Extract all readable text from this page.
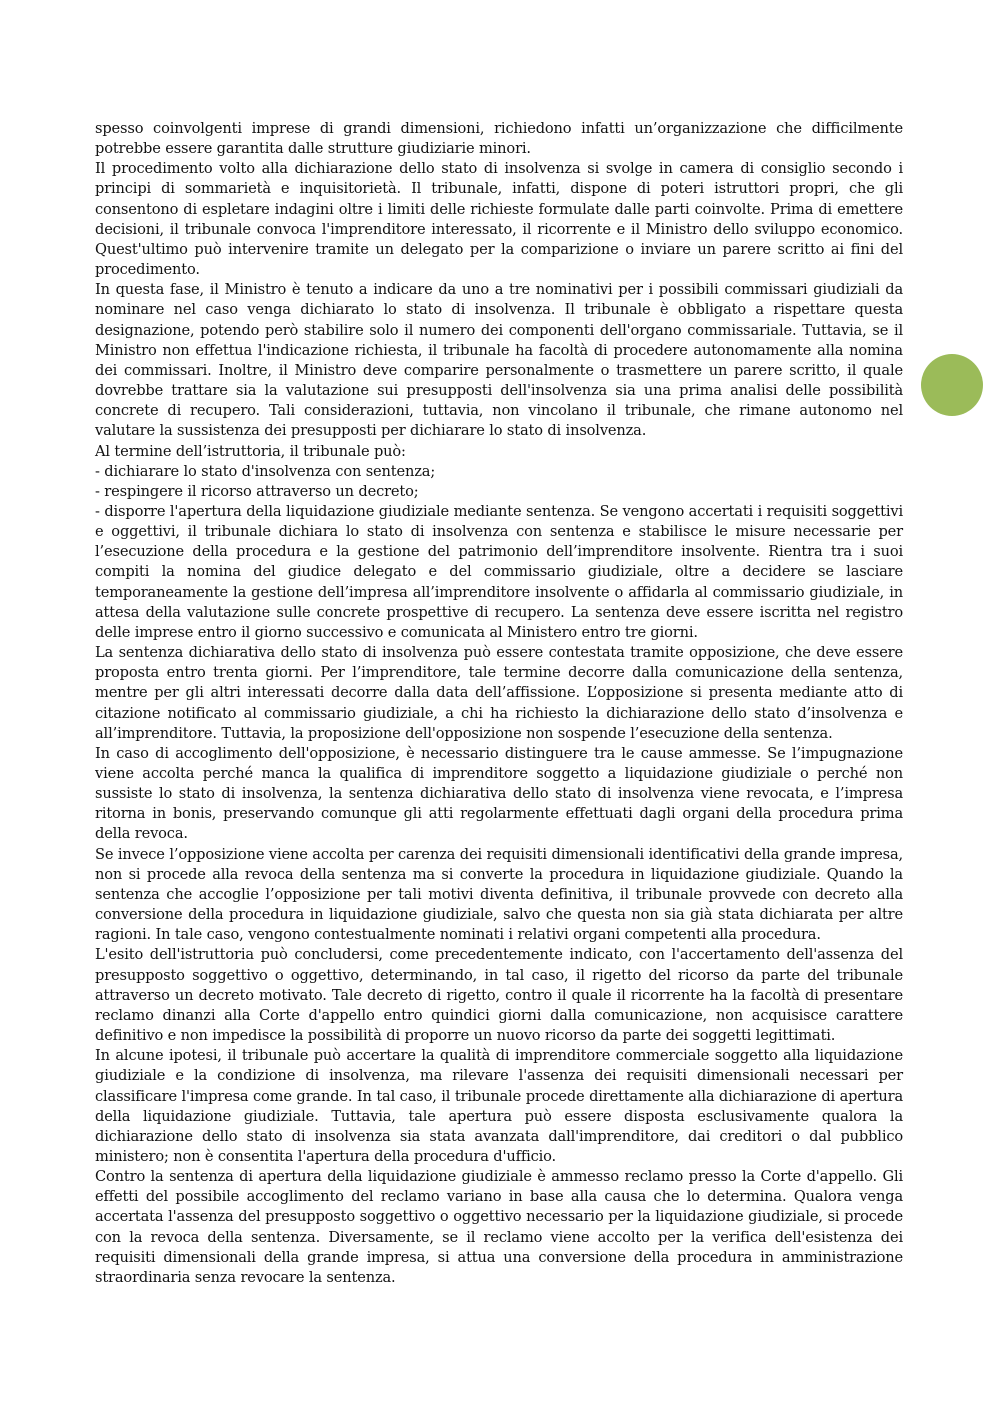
spesso coinvolgenti imprese di grandi dimensioni, richiedono infatti un’organizzazione che difficilmente potrebbe essere garantita dalle strutture giudiziarie minori.

Il procedimento volto alla dichiarazione dello stato di insolvenza si svolge in camera di consiglio secondo i principi di sommarietà e inquisitorietà. Il tribunale, infatti, dispone di poteri istruttori propri, che gli consentono di espletare indagini oltre i limiti delle richieste formulate dalle parti coinvolte. Prima di emettere decisioni, il tribunale convoca l'imprenditore interessato, il ricorrente e il Ministro dello sviluppo economico. Quest'ultimo può intervenire tramite un delegato per la comparizione o inviare un parere scritto ai fini del procedimento.

In questa fase, il Ministro è tenuto a indicare da uno a tre nominativi per i possibili commissari giudiziali da nominare nel caso venga dichiarato lo stato di insolvenza. Il tribunale è obbligato a rispettare questa designazione, potendo però stabilire solo il numero dei componenti dell'organo commissariale. Tuttavia, se il Ministro non effettua l'indicazione richiesta, il tribunale ha facoltà di procedere autonomamente alla nomina dei commissari. Inoltre, il Ministro deve comparire personalmente o trasmettere un parere scritto, il quale dovrebbe trattare sia la valutazione sui presupposti dell'insolvenza sia una prima analisi delle possibilità concrete di recupero. Tali considerazioni, tuttavia, non vincolano il tribunale, che rimane autonomo nel valutare la sussistenza dei presupposti per dichiarare lo stato di insolvenza.

Al termine dell’istruttoria, il tribunale può:

- dichiarare lo stato d'insolvenza con sentenza;

- respingere il ricorso attraverso un decreto;

- disporre l'apertura della liquidazione giudiziale mediante sentenza. Se vengono accertati i requisiti soggettivi e oggettivi, il tribunale dichiara lo stato di insolvenza con sentenza e stabilisce le misure necessarie per l’esecuzione della procedura e la gestione del patrimonio dell’imprenditore insolvente. Rientra tra i suoi compiti la nomina del giudice delegato e del commissario giudiziale, oltre a decidere se lasciare temporaneamente la gestione dell’impresa all’imprenditore insolvente o affidarla al commissario giudiziale, in attesa della valutazione sulle concrete prospettive di recupero. La sentenza deve essere iscritta nel registro delle imprese entro il giorno successivo e comunicata al Ministero entro tre giorni.

La sentenza dichiarativa dello stato di insolvenza può essere contestata tramite opposizione, che deve essere proposta entro trenta giorni. Per l’imprenditore, tale termine decorre dalla comunicazione della sentenza, mentre per gli altri interessati decorre dalla data dell’affissione. L’opposizione si presenta mediante atto di citazione notificato al commissario giudiziale, a chi ha richiesto la dichiarazione dello stato d’insolvenza e all’imprenditore. Tuttavia, la proposizione dell'opposizione non sospende l’esecuzione della sentenza.

In caso di accoglimento dell'opposizione, è necessario distinguere tra le cause ammesse. Se l’impugnazione viene accolta perché manca la qualifica di imprenditore soggetto a liquidazione giudiziale o perché non sussiste lo stato di insolvenza, la sentenza dichiarativa dello stato di insolvenza viene revocata, e l’impresa ritorna in bonis, preservando comunque gli atti regolarmente effettuati dagli organi della procedura prima della revoca.

Se invece l’opposizione viene accolta per carenza dei requisiti dimensionali identificativi della grande impresa, non si procede alla revoca della sentenza ma si converte la procedura in liquidazione giudiziale. Quando la sentenza che accoglie l’opposizione per tali motivi diventa definitiva, il tribunale provvede con decreto alla conversione della procedura in liquidazione giudiziale, salvo che questa non sia già stata dichiarata per altre ragioni. In tale caso, vengono contestualmente nominati i relativi organi competenti alla procedura.

L'esito dell'istruttoria può concludersi, come precedentemente indicato, con l'accertamento dell'assenza del presupposto soggettivo o oggettivo, determinando, in tal caso, il rigetto del ricorso da parte del tribunale attraverso un decreto motivato. Tale decreto di rigetto, contro il quale il ricorrente ha la facoltà di presentare reclamo dinanzi alla Corte d'appello entro quindici giorni dalla comunicazione, non acquisisce carattere definitivo e non impedisce la possibilità di proporre un nuovo ricorso da parte dei soggetti legittimati.

In alcune ipotesi, il tribunale può accertare la qualità di imprenditore commerciale soggetto alla liquidazione giudiziale e la condizione di insolvenza, ma rilevare l'assenza dei requisiti dimensionali necessari per classificare l'impresa come grande. In tal caso, il tribunale procede direttamente alla dichiarazione di apertura della liquidazione giudiziale. Tuttavia, tale apertura può essere disposta esclusivamente qualora la dichiarazione dello stato di insolvenza sia stata avanzata dall'imprenditore, dai creditori o dal pubblico ministero; non è consentita l'apertura della procedura d'ufficio.

Contro la sentenza di apertura della liquidazione giudiziale è ammesso reclamo presso la Corte d'appello. Gli effetti del possibile accoglimento del reclamo variano in base alla causa che lo determina. Qualora venga accertata l'assenza del presupposto soggettivo o oggettivo necessario per la liquidazione giudiziale, si procede con la revoca della sentenza. Diversamente, se il reclamo viene accolto per la verifica dell'esistenza dei requisiti dimensionali della grande impresa, si attua una conversione della procedura in amministrazione straordinaria senza revocare la sentenza.
